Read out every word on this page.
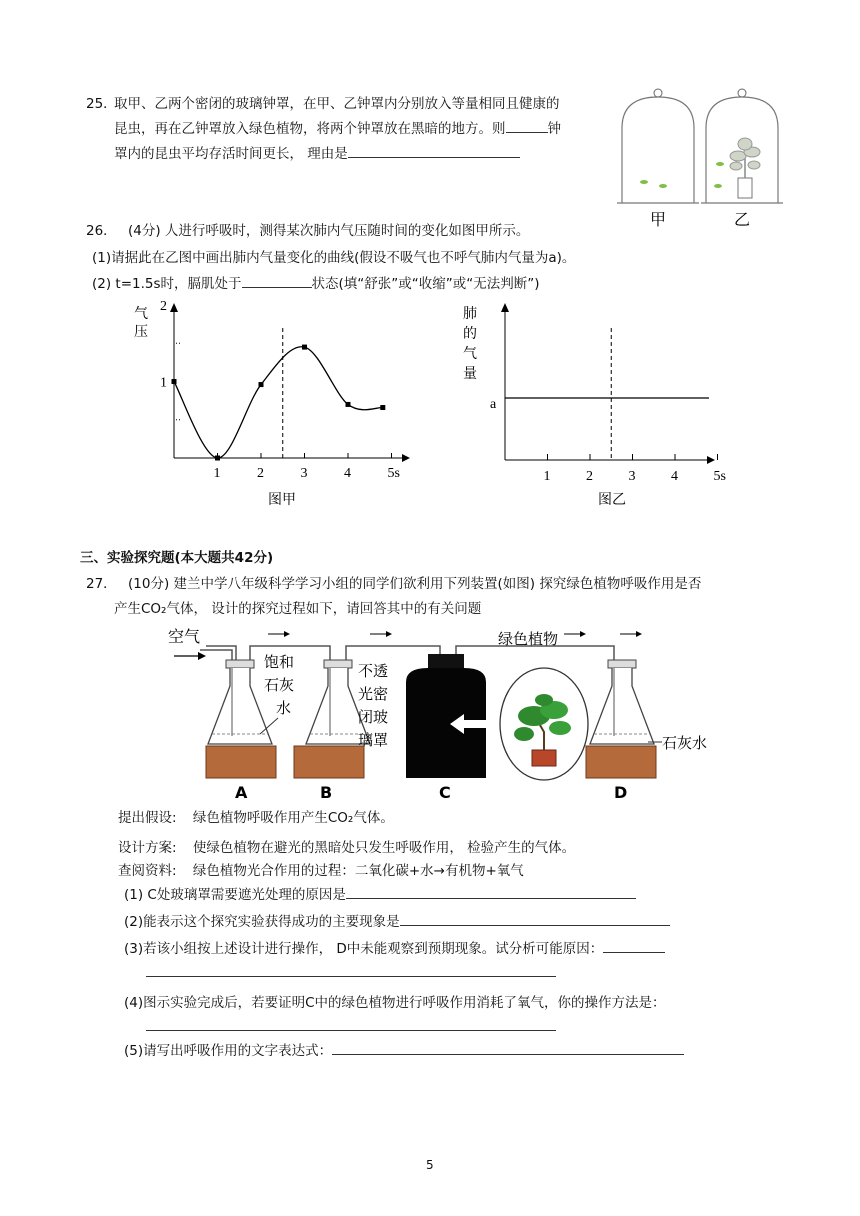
25．
取甲、乙两个密闭的玻璃钟罩，在甲、乙钟罩内分别放入等量相同且健康的
昆虫，再在乙钟罩放入绿色植物，将两个钟罩放在黑暗的地方。则	钟
罩内的昆虫平均存活时间更长， 理由是
甲	乙
26． (4分) 人进行呼吸时，测得某次肺内气压随时间的变化如图甲所示。
(1)请据此在乙图中画出肺内气量变化的曲线(假设不吸气也不呼气肺内气量为a)。
(2) t=1.5s时，膈肌处于	状态(填“舒张”或“收缩”或“无法判断”)
1	2	3	4	5s
1
2
气
压
图甲
1	2	3	4	5s
a
肺
的
气
量
图乙
三、实验探究题(本大题共42分)
27． (10分) 建兰中学八年级科学学习小组的同学们欲利用下列装置(如图) 探究绿色植物呼吸作用是否
产生CO₂气体， 设计的探究过程如下，请回答其中的有关问题
空气
饱和
石灰
水
不透
光密
闭玻
璃罩
绿色植物
石灰水
A	B	C	D
提出假设: 绿色植物呼吸作用产生CO₂气体。
设计方案: 使绿色植物在避光的黑暗处只发生呼吸作用， 检验产生的气体。
查阅资料: 绿色植物光合作用的过程：二氧化碳+水→有机物+氧气
(1) C处玻璃罩需要遮光处理的原因是
(2)能表示这个探究实验获得成功的主要现象是
(3)若该小组按上述设计进行操作， D中未能观察到预期现象。试分析可能原因：
(4)图示实验完成后，若要证明C中的绿色植物进行呼吸作用消耗了氧气，你的操作方法是：
(5)请写出呼吸作用的文字表达式：
5
